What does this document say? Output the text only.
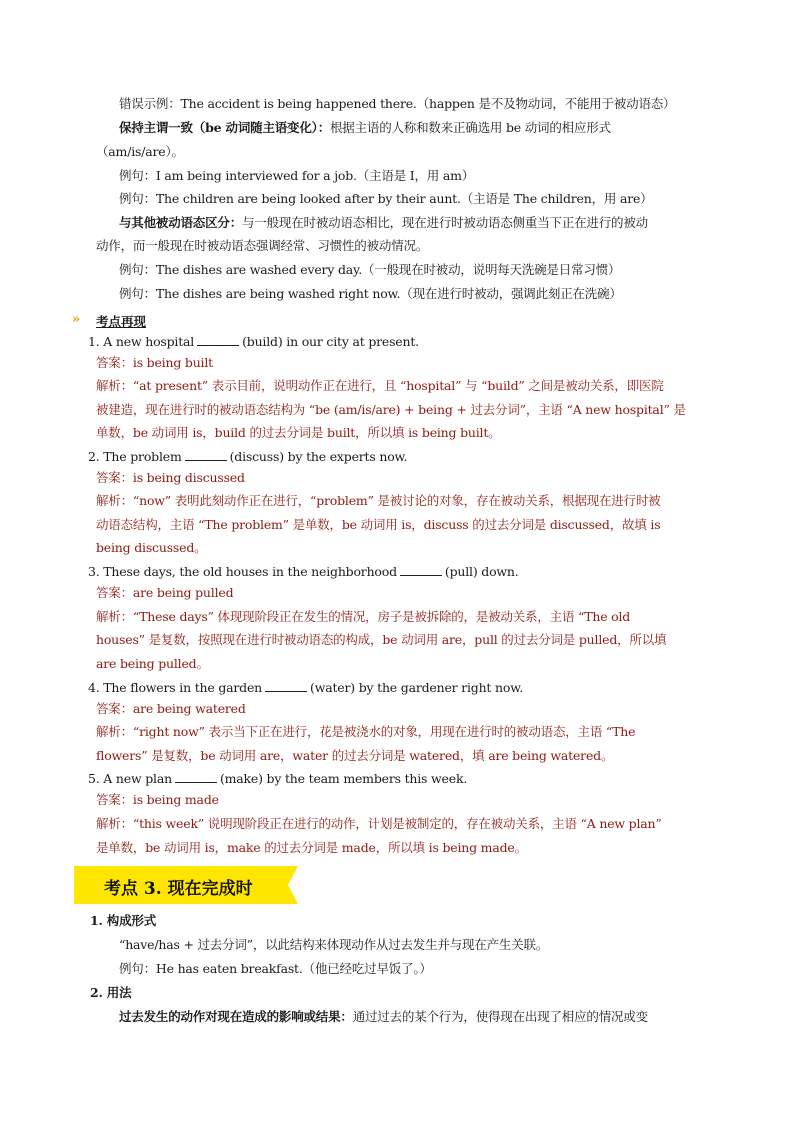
错误示例：The accident is being happened there.（happen 是不及物动词，不能用于被动语态）
保持主谓一致（be 动词随主语变化）：根据主语的人称和数来正确选用 be 动词的相应形式
（am/is/are）。
例句：I am being interviewed for a job.（主语是 I，用 am）
例句：The children are being looked after by their aunt.（主语是 The children，用 are）
与其他被动语态区分：与一般现在时被动语态相比，现在进行时被动语态侧重当下正在进行的被动
动作，而一般现在时被动语态强调经常、习惯性的被动情况。
例句：The dishes are washed every day.（一般现在时被动，说明每天洗碗是日常习惯）
例句：The dishes are being washed right now.（现在进行时被动，强调此刻正在洗碗）
» 考点再现
1. A new hospital	(build) in our city at present.
答案：is being built
解析：“at present” 表示目前，说明动作正在进行，且 “hospital” 与 “build” 之间是被动关系，即医院
被建造，现在进行时的被动语态结构为 “be (am/is/are) + being + 过去分词”，主语 “A new hospital” 是
单数，be 动词用 is，build 的过去分词是 built，所以填 is being built。
2. The problem	(discuss) by the experts now.
答案：is being discussed
解析：“now” 表明此刻动作正在进行，“problem” 是被讨论的对象，存在被动关系，根据现在进行时被
动语态结构，主语 “The problem” 是单数，be 动词用 is，discuss 的过去分词是 discussed，故填 is
being discussed。
3. These days, the old houses in the neighborhood	(pull) down.
答案：are being pulled
解析：“These days” 体现现阶段正在发生的情况，房子是被拆除的，是被动关系，主语 “The old
houses” 是复数，按照现在进行时被动语态的构成，be 动词用 are，pull 的过去分词是 pulled，所以填
are being pulled。
4. The flowers in the garden	(water) by the gardener right now.
答案：are being watered
解析：“right now” 表示当下正在进行，花是被浇水的对象，用现在进行时的被动语态，主语 “The
flowers” 是复数，be 动词用 are，water 的过去分词是 watered，填 are being watered。
5. A new plan	(make) by the team members this week.
答案：is being made
解析：“this week” 说明现阶段正在进行的动作，计划是被制定的，存在被动关系，主语 “A new plan”
是单数，be 动词用 is，make 的过去分词是 made，所以填 is being made。
考点 3. 现在完成时
1. 构成形式
“have/has + 过去分词”，以此结构来体现动作从过去发生并与现在产生关联。
例句：He has eaten breakfast.（他已经吃过早饭了。）
2. 用法
过去发生的动作对现在造成的影响或结果：通过过去的某个行为，使得现在出现了相应的情况或变
